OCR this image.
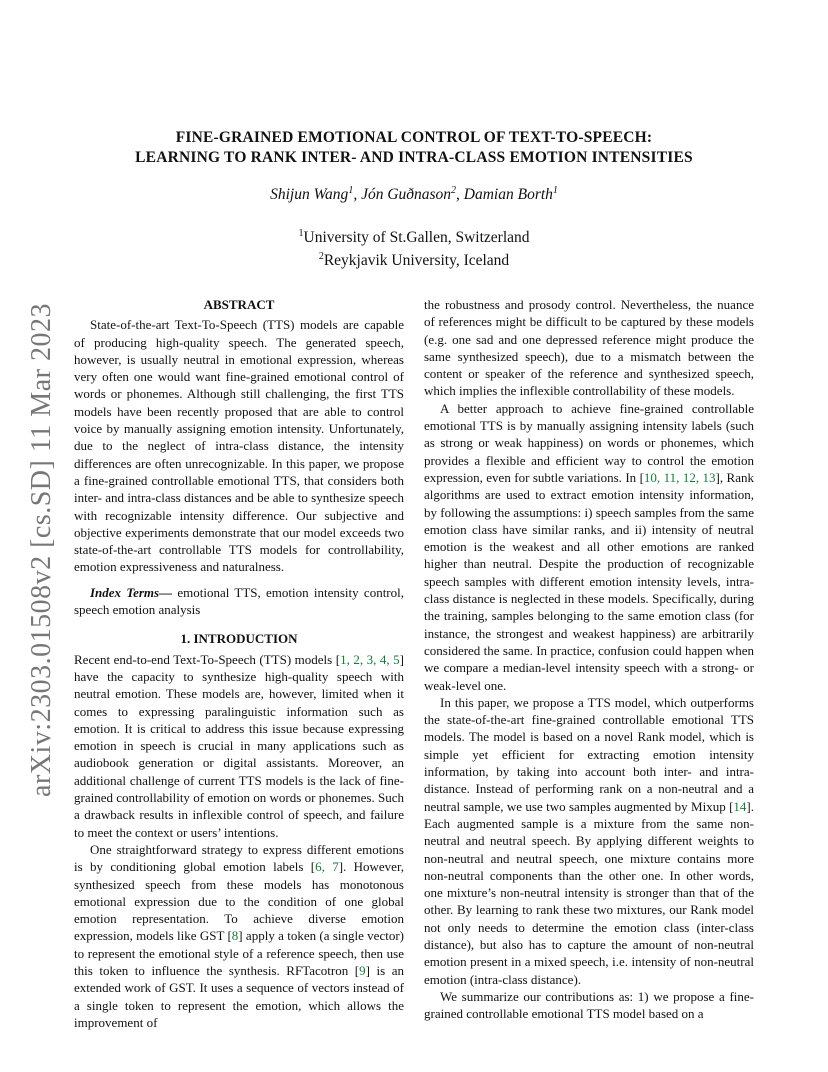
arXiv:2303.01508v2 [cs.SD] 11 Mar 2023
FINE-GRAINED EMOTIONAL CONTROL OF TEXT-TO-SPEECH:
LEARNING TO RANK INTER- AND INTRA-CLASS EMOTION INTENSITIES
Shijun Wang$^1$, Jón Guðnason$^2$, Damian Borth$^1$
$^1$University of St.Gallen, Switzerland
$^2$Reykjavik University, Iceland
ABSTRACT

State-of-the-art Text-To-Speech (TTS) models are capable of producing high-quality speech. The generated speech, however, is usually neutral in emotional expression, whereas very often one would want fine-grained emotional control of words or phonemes. Although still challenging, the first TTS models have been recently proposed that are able to control voice by manually assigning emotion intensity. Unfortunately, due to the neglect of intra-class distance, the intensity differences are often unrecognizable. In this paper, we propose a fine-grained controllable emotional TTS, that considers both inter- and intra-class distances and be able to synthesize speech with recognizable intensity difference. Our subjective and objective experiments demonstrate that our model exceeds two state-of-the-art controllable TTS models for controllability, emotion expressiveness and naturalness.

Index Terms— emotional TTS, emotion intensity control, speech emotion analysis

1. INTRODUCTION

Recent end-to-end Text-To-Speech (TTS) models [1, 2, 3, 4, 5] have the capacity to synthesize high-quality speech with neutral emotion. These models are, however, limited when it comes to expressing paralinguistic information such as emotion. It is critical to address this issue because expressing emotion in speech is crucial in many applications such as audiobook generation or digital assistants. Moreover, an additional challenge of current TTS models is the lack of fine-grained controllability of emotion on words or phonemes. Such a drawback results in inflexible control of speech, and failure to meet the context or users’ intentions.

One straightforward strategy to express different emotions is by conditioning global emotion labels [6, 7]. However, synthesized speech from these models has monotonous emotional expression due to the condition of one global emotion representation. To achieve diverse emotion expression, models like GST [8] apply a token (a single vector) to represent the emotional style of a reference speech, then use this token to influence the synthesis. RFTacotron [9] is an extended work of GST. It uses a sequence of vectors instead of a single token to represent the emotion, which allows the improvement of

the robustness and prosody control. Nevertheless, the nuance of references might be difficult to be captured by these models (e.g. one sad and one depressed reference might produce the same synthesized speech), due to a mismatch between the content or speaker of the reference and synthesized speech, which implies the inflexible controllability of these models.

A better approach to achieve fine-grained controllable emotional TTS is by manually assigning intensity labels (such as strong or weak happiness) on words or phonemes, which provides a flexible and efficient way to control the emotion expression, even for subtle variations. In [10, 11, 12, 13], Rank algorithms are used to extract emotion intensity information, by following the assumptions: i) speech samples from the same emotion class have similar ranks, and ii) intensity of neutral emotion is the weakest and all other emotions are ranked higher than neutral. Despite the production of recognizable speech samples with different emotion intensity levels, intra-class distance is neglected in these models. Specifically, during the training, samples belonging to the same emotion class (for instance, the strongest and weakest happiness) are arbitrarily considered the same. In practice, confusion could happen when we compare a median-level intensity speech with a strong- or weak-level one.

In this paper, we propose a TTS model, which outperforms the state-of-the-art fine-grained controllable emotional TTS models. The model is based on a novel Rank model, which is simple yet efficient for extracting emotion intensity information, by taking into account both inter- and intra-distance. Instead of performing rank on a non-neutral and a neutral sample, we use two samples augmented by Mixup [14]. Each augmented sample is a mixture from the same non-neutral and neutral speech. By applying different weights to non-neutral and neutral speech, one mixture contains more non-neutral components than the other one. In other words, one mixture’s non-neutral intensity is stronger than that of the other. By learning to rank these two mixtures, our Rank model not only needs to determine the emotion class (inter-class distance), but also has to capture the amount of non-neutral emotion present in a mixed speech, i.e. intensity of non-neutral emotion (intra-class distance).

We summarize our contributions as: 1) we propose a fine-grained controllable emotional TTS model based on a
